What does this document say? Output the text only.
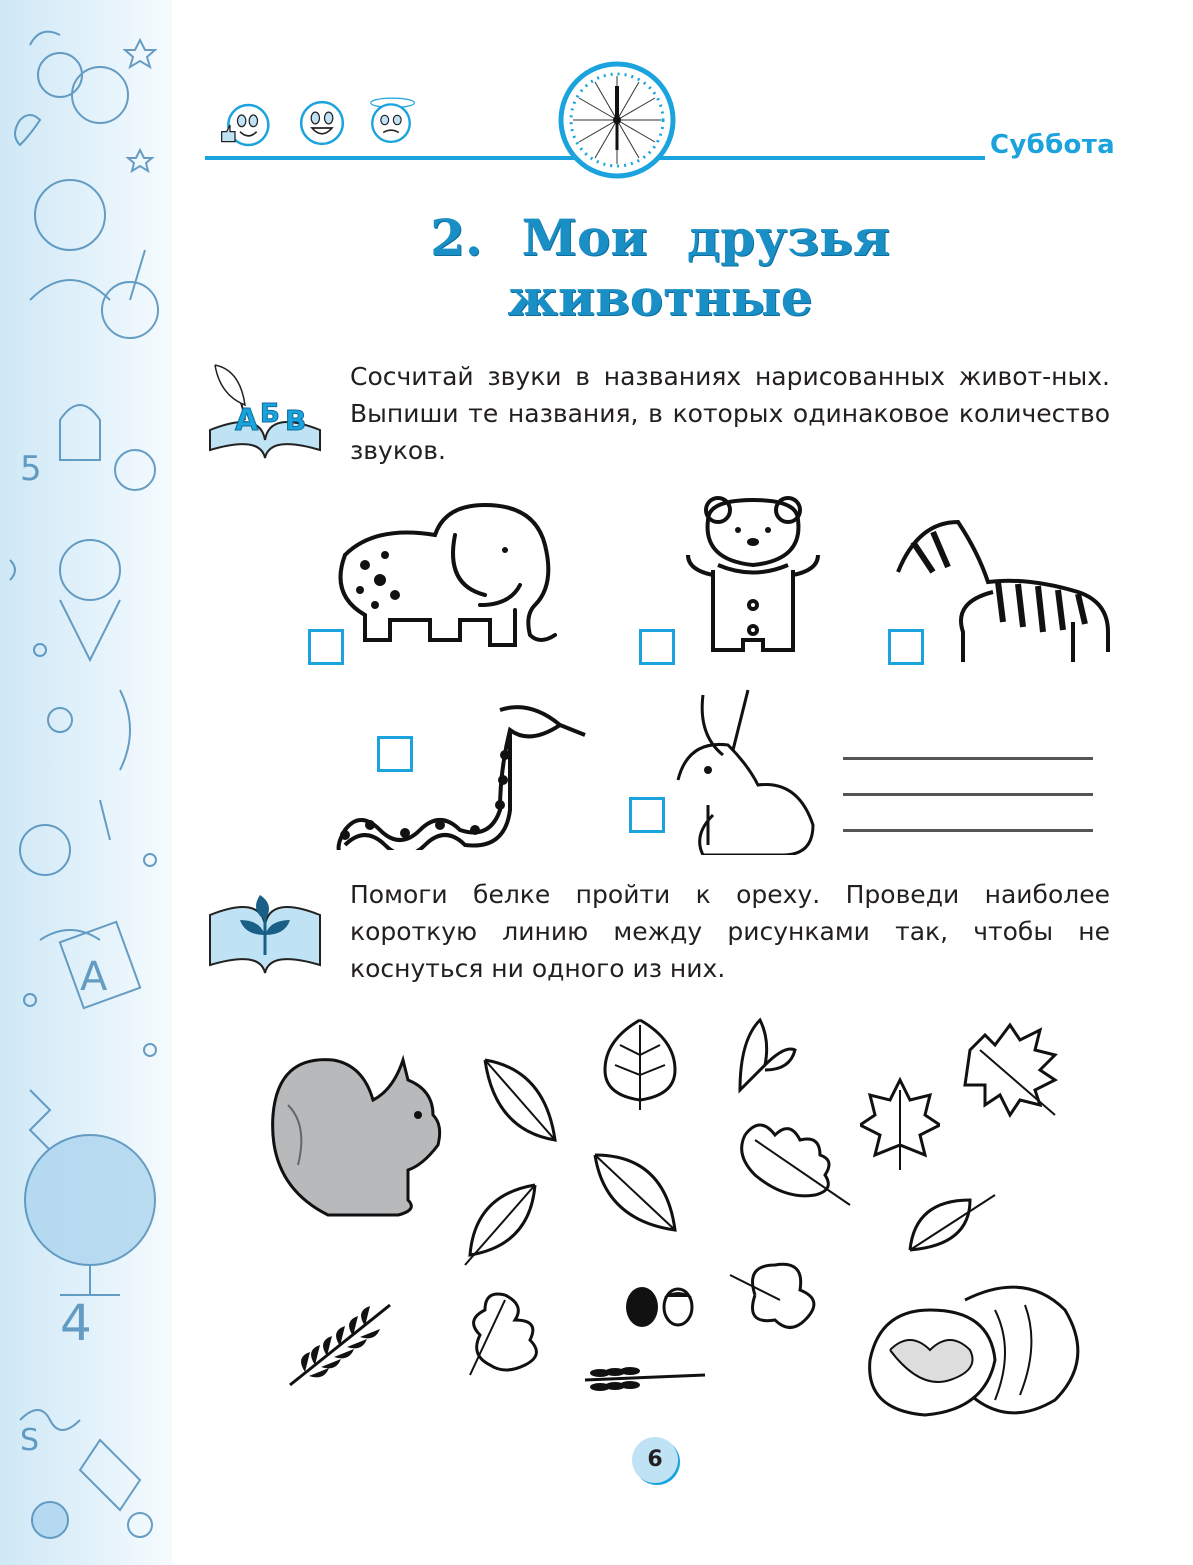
5
A
4
S
Суббота
2. Мои друзья
животные
А Б В
Сосчитай звуки в названиях нарисованных живот-ных. Выпиши те названия, в которых одинаковое количество звуков.
Помоги белке пройти к ореху. Проведи наиболее короткую линию между рисунками так, чтобы не коснуться ни одного из них.
6
